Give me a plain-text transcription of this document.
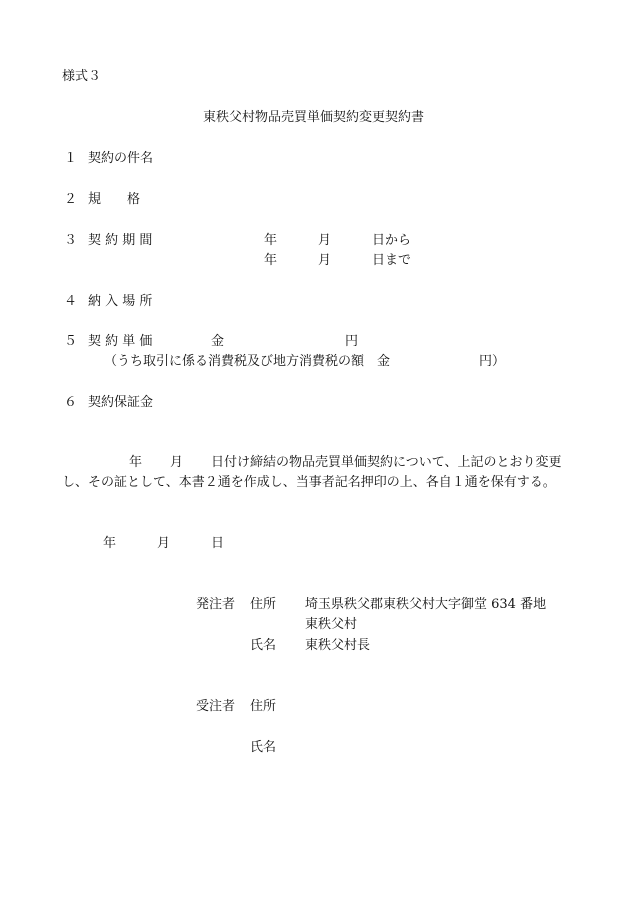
様式３
東秩父村物品売買単価契約変更契約書
１ 契約の件名
２ 規　　格
３ 契 約 期 間	年	月	日から
年	月	日まで
４ 納 入 場 所
５ 契 約 単 価	金	円
（うち取引に係る消費税及び地方消費税の額　金	円）
６ 契約保証金
年 月 日付け締結の物品売買単価契約について、上記のとおり変更
し、その証として、本書２通を作成し、当事者記名押印の上、各自１通を保有する。
年	月	日
発注者 住所 埼玉県秩父郡東秩父村大字御堂 634 番地
東秩父村
氏名 東秩父村長
受注者 住所
氏名
